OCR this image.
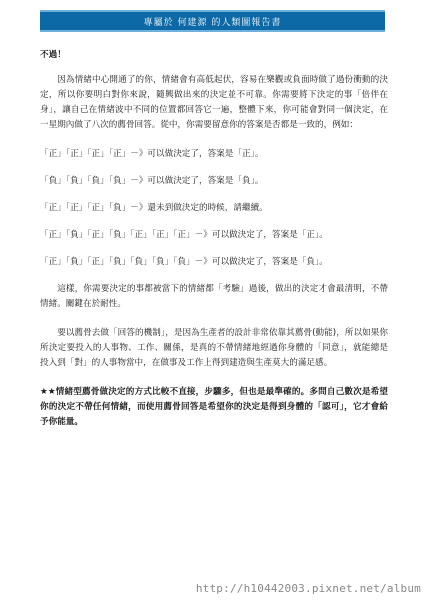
專屬於 何建源 的人類圖報告書

不過！

因為情緒中心開通了的你，情緒會有高低起伏，容易在樂觀或負面時做了過份衝動的決定，所以你要明白對你來說，隨興做出來的決定並不可靠。你需要將下決定的事「倍伴在身」，讓自己在情緒波中不同的位置都回答它一遍，整體下來，你可能會對同一個決定，在一星期內做了八次的薦骨回答。從中，你需要留意你的答案是否都是一致的，例如：

「正」「正」「正」「正」－》可以做決定了，答案是「正」。
「負」「負」「負」「負」－》可以做決定了，答案是「負」。
「正」「正」「正」「負」－》還未到做決定的時候，請繼續。
「正」「負」「正」「負」「正」「正」「正」－》可以做決定了，答案是「正」。
「正」「負」「正」「負」「負」「負」「負」－》可以做決定了，答案是「負」。

這樣，你需要決定的事都被當下的情緒都「考驗」過後，做出的決定才會最清明，不帶情緒。關鍵在於耐性。

要以薦骨去做「回答的機制」，是因為生產者的設計非常依靠其薦骨(動能)，所以如果你所決定要投入的人事物、工作、關係，是真的不帶情緒地經過你身體的「同意」，就能總是投入到「對」的人事物當中，在做事及工作上得到建造與生產莫大的滿足感。

★★情緒型薦骨做決定的方式比較不直接，步驟多，但也是最準確的。多問自己數次是希望你的決定不帶任何情緒，而使用薦骨回答是希望你的決定是得到身體的「認可」，它才會給予你能量。

http://h10442003.pixnet.net/album
